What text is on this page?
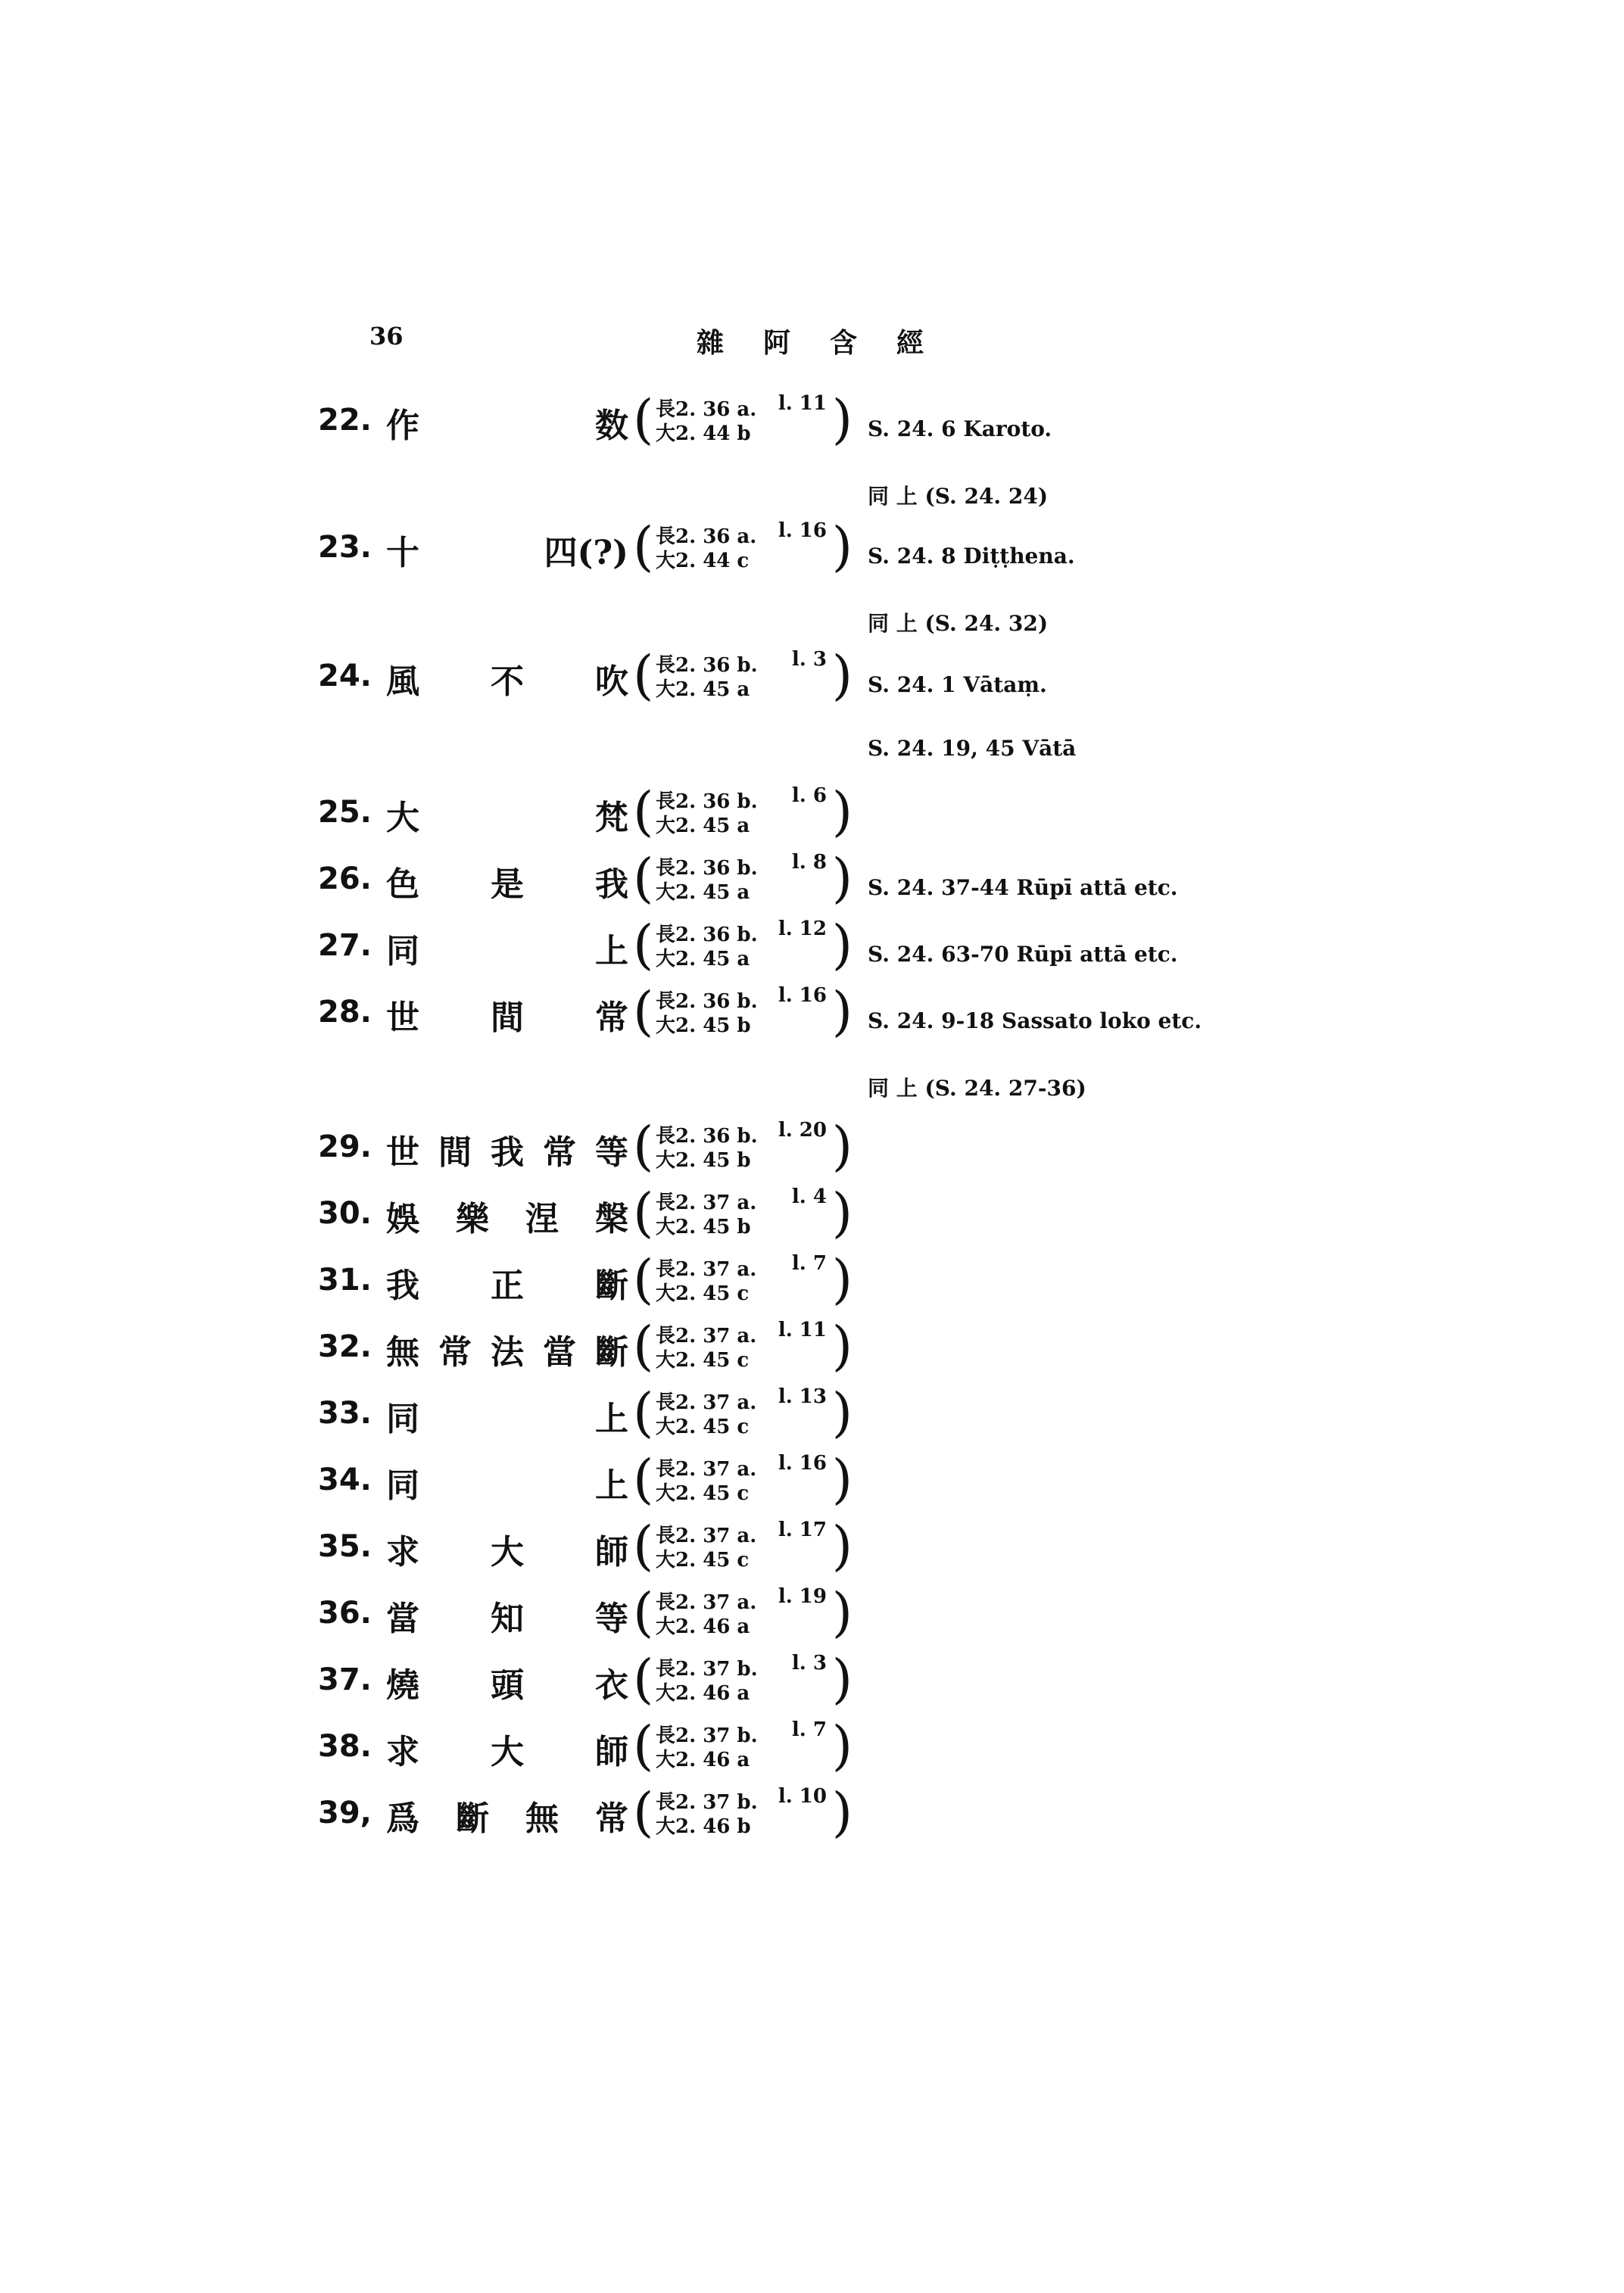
36	雜阿含經
22. 作	数 ( 長2. 36 a. l. 11
大2. 44 b ) S. 24. 6 Karoto.
同 上 (S. 24. 24)
23. 十	四(?) ( 長2. 36 a. l. 16
大2. 44 c ) S. 24. 8 Diṭṭhena.
同 上 (S. 24. 32)
24. 風 不 吹 ( 長2. 36 b. l. 3
大2. 45 a ) S. 24. 1 Vātaṃ.
S. 24. 19, 45 Vātā
25. 大	梵 ( 長2. 36 b. l. 6
大2. 45 a )
26. 色 是 我 ( 長2. 36 b. l. 8
大2. 45 a ) S. 24. 37-44 Rūpī attā etc.
27. 同	上 ( 長2. 36 b. l. 12
大2. 45 a ) S. 24. 63-70 Rūpī attā etc.
28. 世 間 常 ( 長2. 36 b. l. 16
大2. 45 b ) S. 24. 9-18 Sassato loko etc.
同 上 (S. 24. 27-36)
29. 世 間 我 常 等 ( 長2. 36 b. l. 20
大2. 45 b )
30. 娛 樂 涅 槃 ( 長2. 37 a. l. 4
大2. 45 b )
31. 我 正 斷 ( 長2. 37 a. l. 7
大2. 45 c )
32. 無 常 法 當 斷 ( 長2. 37 a. l. 11
大2. 45 c )
33. 同	上 ( 長2. 37 a. l. 13
大2. 45 c )
34. 同	上 ( 長2. 37 a. l. 16
大2. 45 c )
35. 求 大 師 ( 長2. 37 a. l. 17
大2. 45 c )
36. 當 知 等 ( 長2. 37 a. l. 19
大2. 46 a )
37. 燒 頭 衣 ( 長2. 37 b. l. 3
大2. 46 a )
38. 求 大 師 ( 長2. 37 b. l. 7
大2. 46 a )
39, 爲 斷 無 常 ( 長2. 37 b. l. 10
大2. 46 b )
